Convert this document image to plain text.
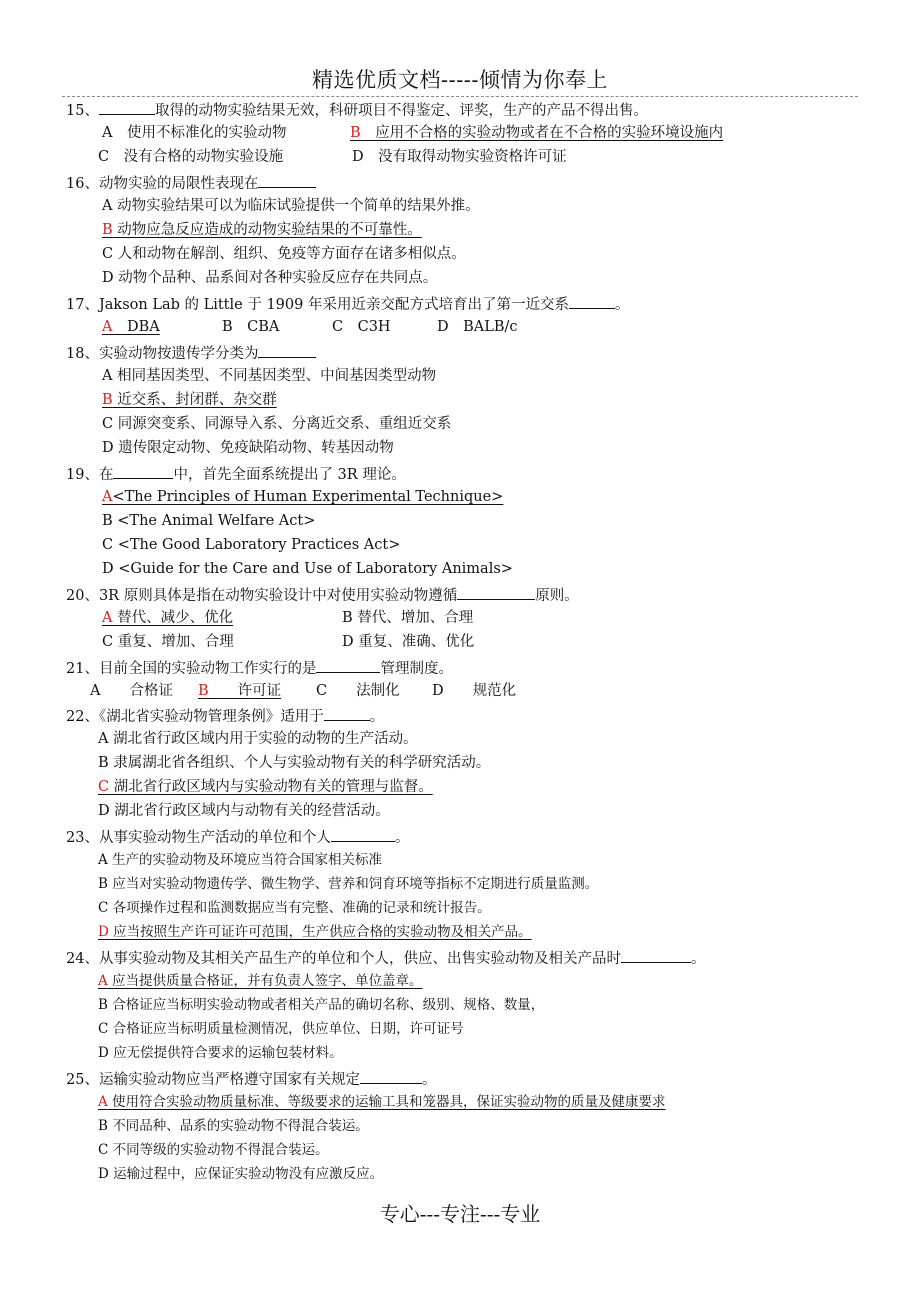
精选优质文档-----倾情为你奉上
15、	取得的动物实验结果无效，科研项目不得鉴定、评奖，生产的产品不得出售。
A　使用不标准化的实验动物	B　应用不合格的实验动物或者在不合格的实验环境设施内
C　没有合格的动物实验设施	D　没有取得动物实验资格许可证
16、动物实验的局限性表现在
A 动物实验结果可以为临床试验提供一个简单的结果外推。
B 动物应急反应造成的动物实验结果的不可靠性。
C 人和动物在解剖、组织、免疫等方面存在诸多相似点。
D 动物个品种、品系间对各种实验反应存在共同点。
17、Jakson Lab 的 Little 于 1909 年采用近亲交配方式培育出了第一近交系	。
A　DBA	B　CBA	C　C3H	D　BALB/c
18、实验动物按遗传学分类为
A 相同基因类型、不同基因类型、中间基因类型动物
B 近交系、封闭群、杂交群
C 同源突变系、同源导入系、分离近交系、重组近交系
D 遗传限定动物、免疫缺陷动物、转基因动物
19、在	中，首先全面系统提出了 3R 理论。
A<The Principles of Human Experimental Technique>
B <The Animal Welfare Act>
C <The Good Laboratory Practices Act>
D <Guide for the Care and Use of Laboratory Animals>
20、3R 原则具体是指在动物实验设计中对使用实验动物遵循	原则。
A 替代、减少、优化	B 替代、增加、合理
C 重复、增加、合理	D 重复、准确、优化
21、目前全国的实验动物工作实行的是	管理制度。
A　　合格证 B　　许可证 C　　法制化 D　　规范化
22、《湖北省实验动物管理条例》适用于	。
A 湖北省行政区域内用于实验的动物的生产活动。
B 隶属湖北省各组织、个人与实验动物有关的科学研究活动。
C 湖北省行政区域内与实验动物有关的管理与监督。
D 湖北省行政区域内与动物有关的经营活动。
23、从事实验动物生产活动的单位和个人	。
A 生产的实验动物及环境应当符合国家相关标准
B 应当对实验动物遗传学、微生物学、营养和饲育环境等指标不定期进行质量监测。
C 各项操作过程和监测数据应当有完整、准确的记录和统计报告。
D 应当按照生产许可证许可范围，生产供应合格的实验动物及相关产品。
24、从事实验动物及其相关产品生产的单位和个人，供应、出售实验动物及相关产品时	。
A 应当提供质量合格证，并有负责人签字、单位盖章。
B 合格证应当标明实验动物或者相关产品的确切名称、级别、规格、数量，
C 合格证应当标明质量检测情况，供应单位、日期，许可证号
D 应无偿提供符合要求的运输包装材料。
25、运输实验动物应当严格遵守国家有关规定	。
A 使用符合实验动物质量标准、等级要求的运输工具和笼器具，保证实验动物的质量及健康要求
B 不同品种、品系的实验动物不得混合装运。
C 不同等级的实验动物不得混合装运。
D 运输过程中，应保证实验动物没有应激反应。
专心---专注---专业
